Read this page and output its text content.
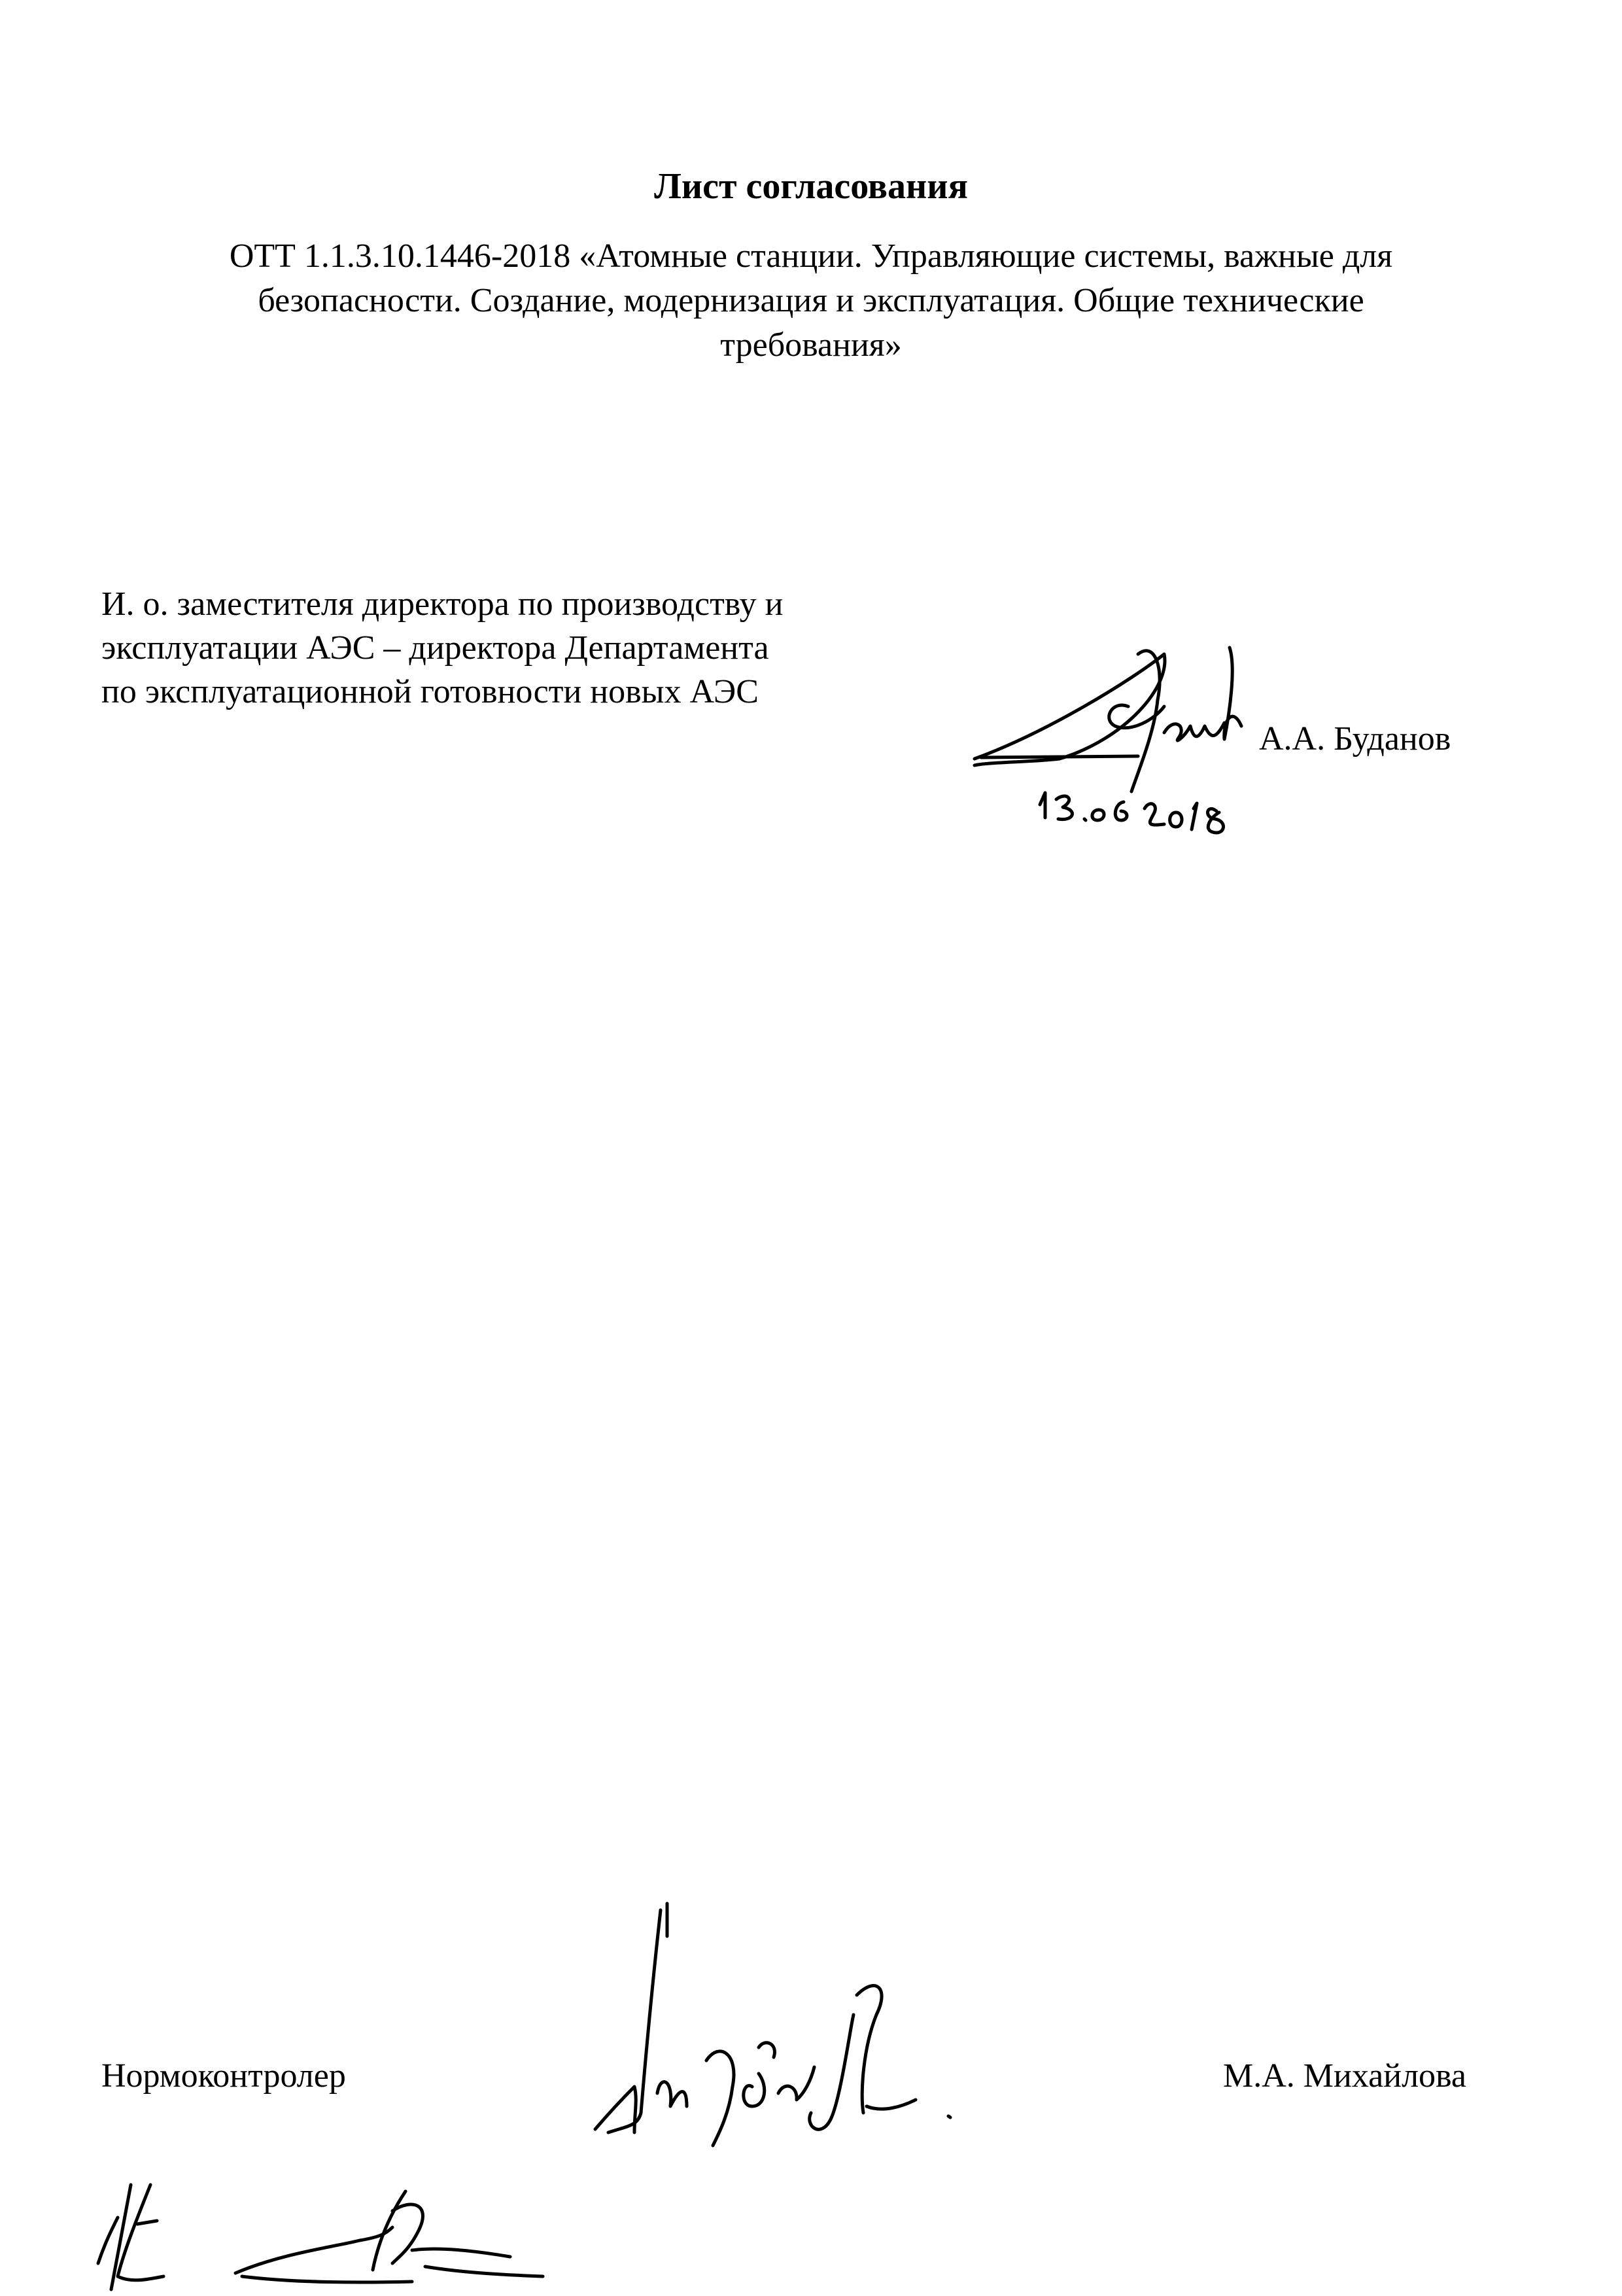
Лист согласования
ОТТ 1.1.3.10.1446-2018 «Атомные станции. Управляющие системы, важные для
безопасности. Создание, модернизация и эксплуатация. Общие технические
требования»
И. о. заместителя директора по производству и
эксплуатации АЭС – директора Департамента
по эксплуатационной готовности новых АЭС
А.А. Буданов
Нормоконтролер	М.А. Михайлова
